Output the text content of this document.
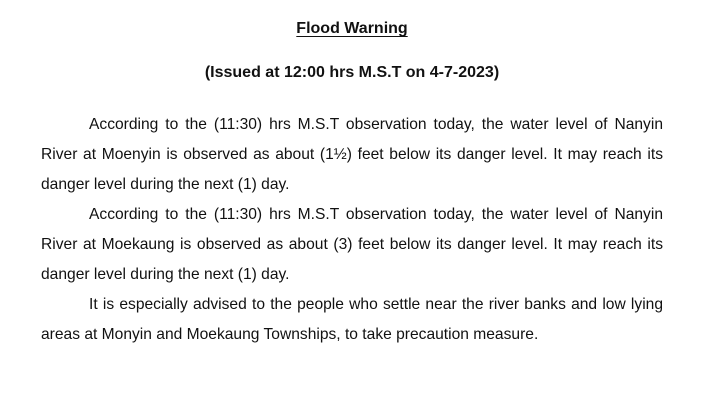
Flood Warning
(Issued at 12:00 hrs M.S.T on 4-7-2023)

According to the (11:30) hrs M.S.T observation today, the water level of Nanyin River at Moenyin is observed as about (1½) feet below its danger level. It may reach its danger level during the next (1) day.

According to the (11:30) hrs M.S.T observation today, the water level of Nanyin River at Moekaung is observed as about (3) feet below its danger level. It may reach its danger level during the next (1) day.

It is especially advised to the people who settle near the river banks and low lying areas at Monyin and Moekaung Townships, to take precaution measure.
